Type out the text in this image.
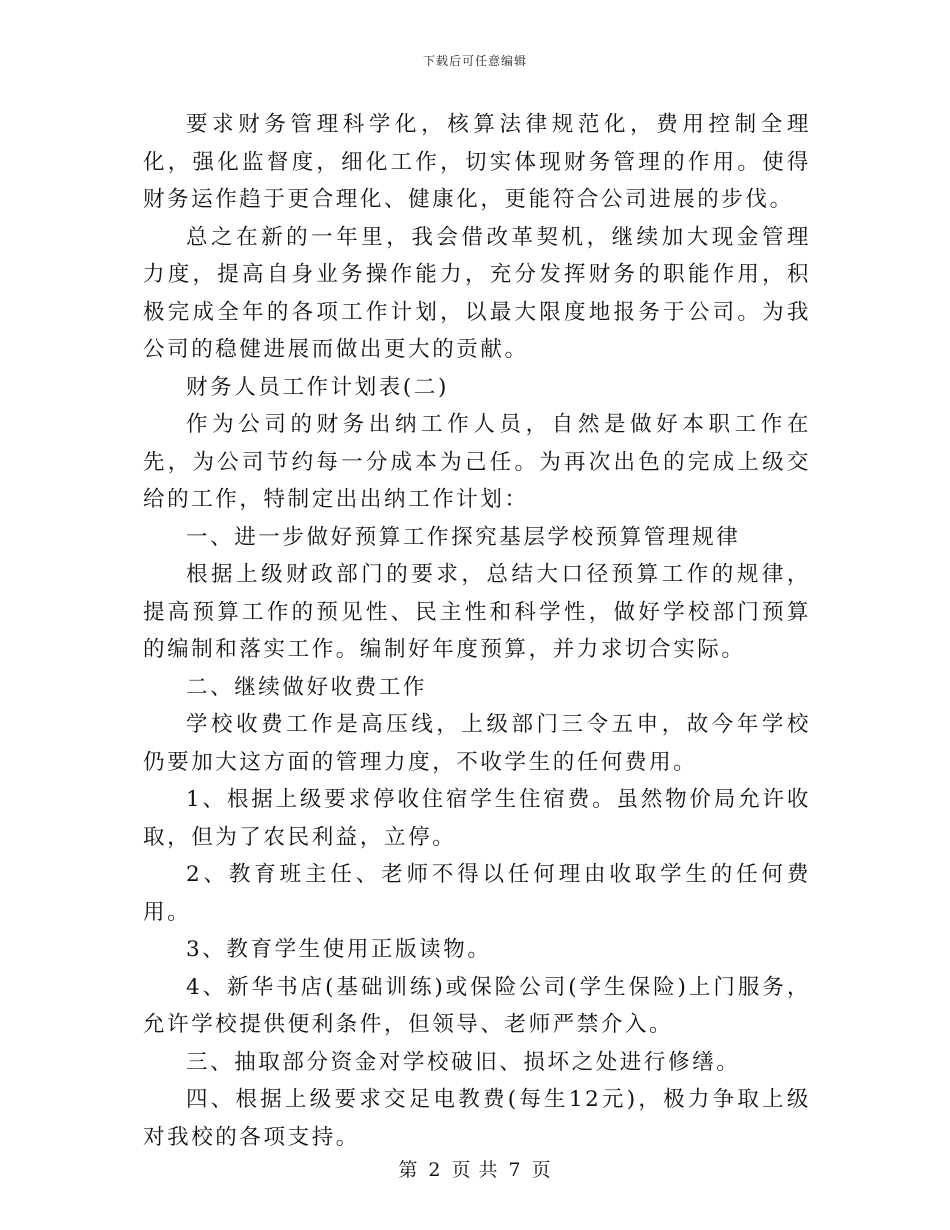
下载后可任意编辑

要求财务管理科学化，核算法律规范化，费用控制全理化，强化监督度，细化工作，切实体现财务管理的作用。使得财务运作趋于更合理化、健康化，更能符合公司进展的步伐。

总之在新的一年里，我会借改革契机，继续加大现金管理力度，提高自身业务操作能力，充分发挥财务的职能作用，积极完成全年的各项工作计划，以最大限度地报务于公司。为我公司的稳健进展而做出更大的贡献。

财务人员工作计划表(二)

作为公司的财务出纳工作人员，自然是做好本职工作在先，为公司节约每一分成本为己任。为再次出色的完成上级交给的工作，特制定出出纳工作计划：

一、进一步做好预算工作探究基层学校预算管理规律

根据上级财政部门的要求，总结大口径预算工作的规律，提高预算工作的预见性、民主性和科学性，做好学校部门预算的编制和落实工作。编制好年度预算，并力求切合实际。

二、继续做好收费工作

学校收费工作是高压线，上级部门三令五申，故今年学校仍要加大这方面的管理力度，不收学生的任何费用。

1、根据上级要求停收住宿学生住宿费。虽然物价局允许收取，但为了农民利益，立停。

2、教育班主任、老师不得以任何理由收取学生的任何费用。

3、教育学生使用正版读物。

4、新华书店(基础训练)或保险公司(学生保险)上门服务，允许学校提供便利条件，但领导、老师严禁介入。

三、抽取部分资金对学校破旧、损坏之处进行修缮。

四、根据上级要求交足电教费(每生12元)，极力争取上级对我校的各项支持。

第 2 页 共 7 页
